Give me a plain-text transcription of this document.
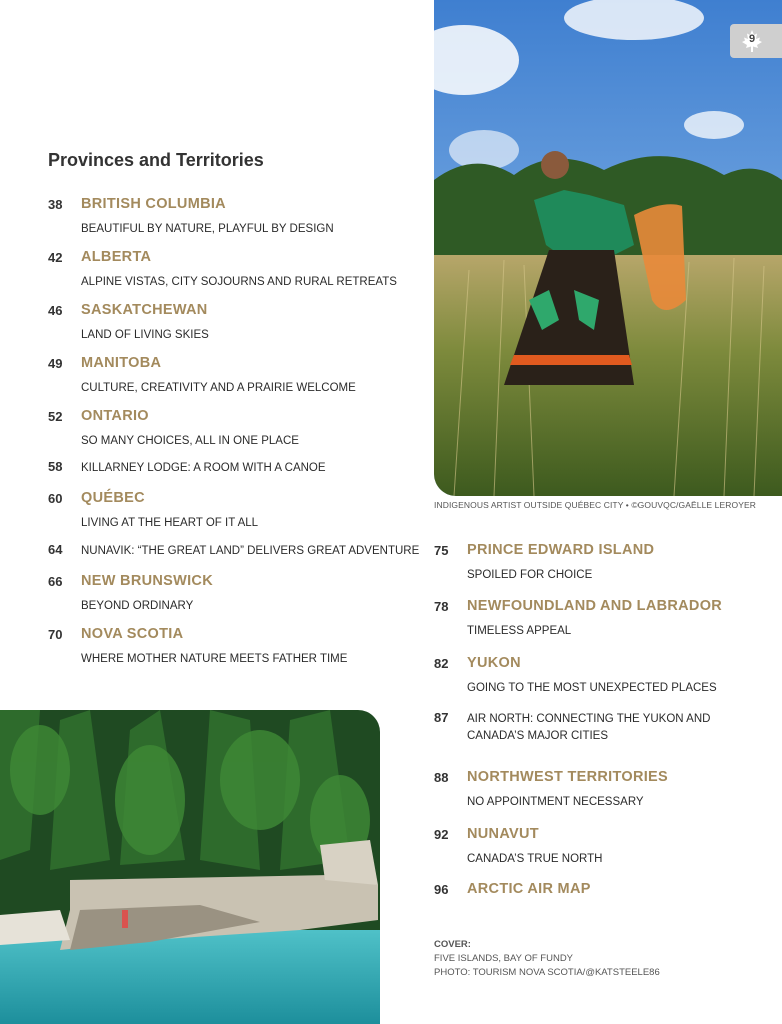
9
Provinces and Territories
38 BRITISH COLUMBIA
BEAUTIFUL BY NATURE, PLAYFUL BY DESIGN
42 ALBERTA
ALPINE VISTAS, CITY SOJOURNS AND RURAL RETREATS
46 SASKATCHEWAN
LAND OF LIVING SKIES
49 MANITOBA
CULTURE, CREATIVITY AND A PRAIRIE WELCOME
52 ONTARIO
SO MANY CHOICES, ALL IN ONE PLACE
58 KILLARNEY LODGE: A ROOM WITH A CANOE
60 QUÉBEC
LIVING AT THE HEART OF IT ALL
64 NUNAVIK: “THE GREAT LAND” DELIVERS GREAT ADVENTURE
66 NEW BRUNSWICK
BEYOND ORDINARY
70 NOVA SCOTIA
WHERE MOTHER NATURE MEETS FATHER TIME
INDIGENOUS ARTIST OUTSIDE QUÉBEC CITY • ©GOUVQC/GAËLLE LEROYER
75 PRINCE EDWARD ISLAND
SPOILED FOR CHOICE
78 NEWFOUNDLAND AND LABRADOR
TIMELESS APPEAL
82 YUKON
GOING TO THE MOST UNEXPECTED PLACES
87 AIR NORTH: CONNECTING THE YUKON AND CANADA’S MAJOR CITIES
88 NORTHWEST TERRITORIES
NO APPOINTMENT NECESSARY
92 NUNAVUT
CANADA’S TRUE NORTH
96 ARCTIC AIR MAP
COVER:
FIVE ISLANDS, BAY OF FUNDY
PHOTO: TOURISM NOVA SCOTIA/@KATSTEELE86
